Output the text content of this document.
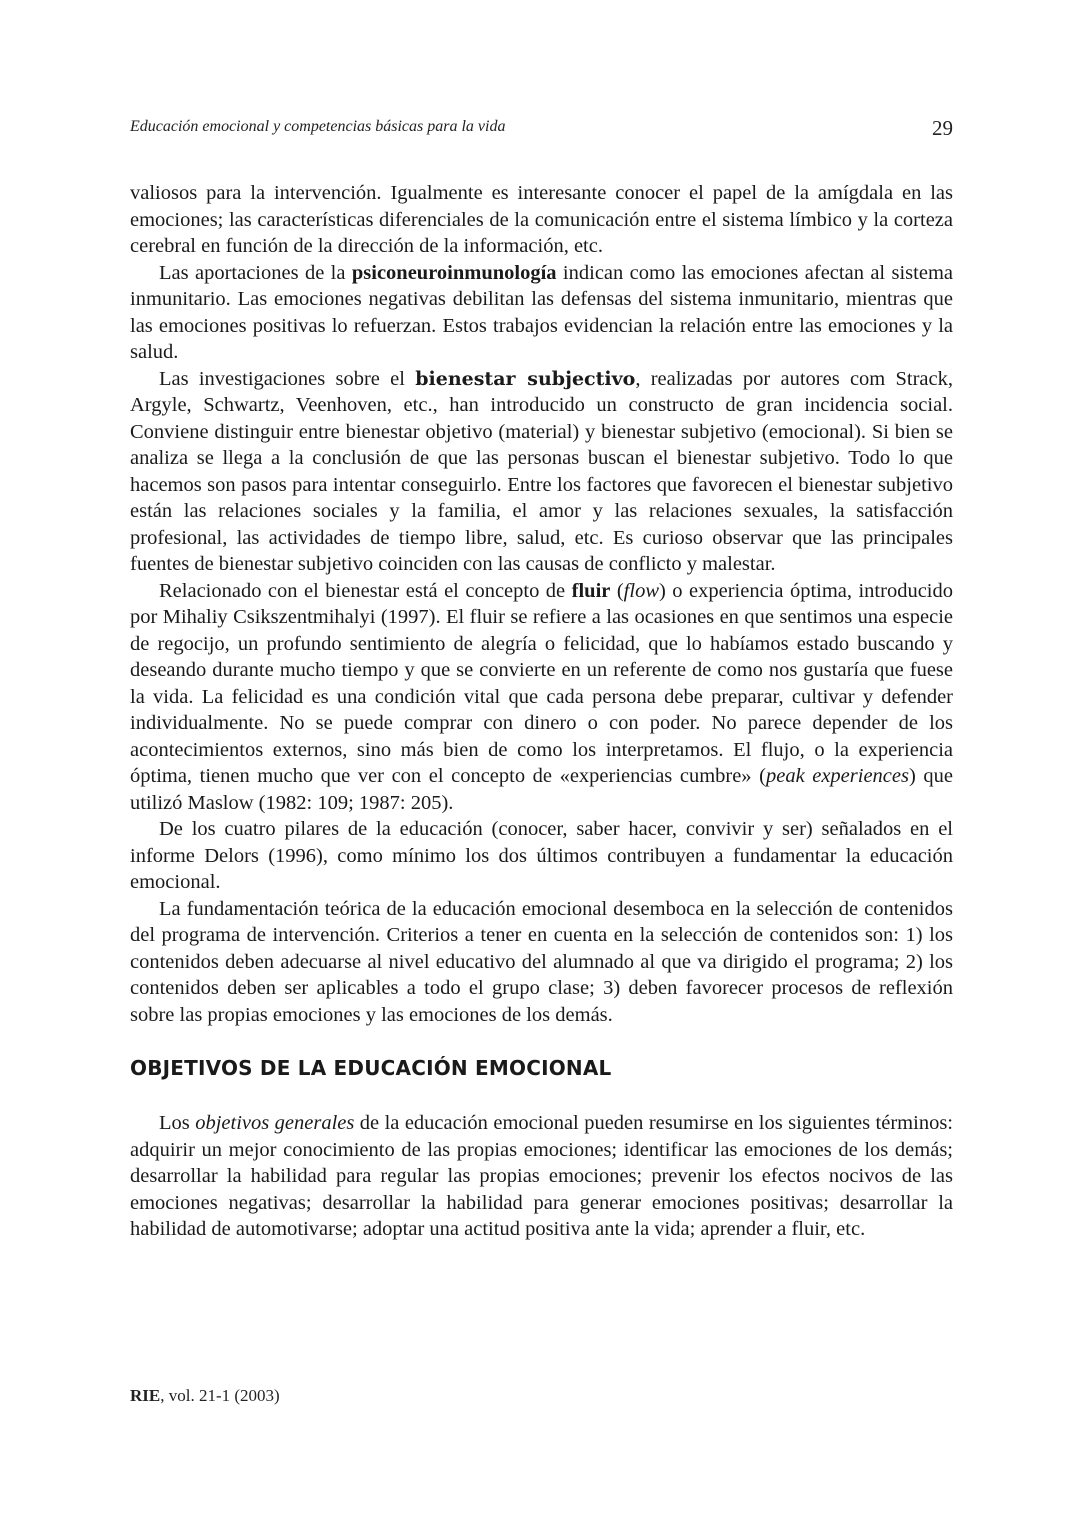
Educación emocional y competencias básicas para la vida	29

valiosos para la intervención. Igualmente es interesante conocer el papel de la amígdala en las emociones; las características diferenciales de la comunicación entre el sistema límbico y la corteza cerebral en función de la dirección de la información, etc.

Las aportaciones de la psiconeuroinmunología indican como las emociones afectan al sistema inmunitario. Las emociones negativas debilitan las defensas del sistema inmunitario, mientras que las emociones positivas lo refuerzan. Estos trabajos evidencian la relación entre las emociones y la salud.

Las investigaciones sobre el bienestar subjectivo, realizadas por autores com Strack, Argyle, Schwartz, Veenhoven, etc., han introducido un constructo de gran incidencia social. Conviene distinguir entre bienestar objetivo (material) y bienestar subjetivo (emocional). Si bien se analiza se llega a la conclusión de que las personas buscan el bienestar subjetivo. Todo lo que hacemos son pasos para intentar conseguirlo. Entre los factores que favorecen el bienestar subjetivo están las relaciones sociales y la familia, el amor y las relaciones sexuales, la satisfacción profesional, las actividades de tiempo libre, salud, etc. Es curioso observar que las principales fuentes de bienestar subjetivo coinciden con las causas de conflicto y malestar.

Relacionado con el bienestar está el concepto de fluir (flow) o experiencia óptima, introducido por Mihaliy Csikszentmihalyi (1997). El fluir se refiere a las ocasiones en que sentimos una especie de regocijo, un profundo sentimiento de alegría o felicidad, que lo habíamos estado buscando y deseando durante mucho tiempo y que se convierte en un referente de como nos gustaría que fuese la vida. La felicidad es una condición vital que cada persona debe preparar, cultivar y defender individualmente. No se puede comprar con dinero o con poder. No parece depender de los acontecimientos externos, sino más bien de como los interpretamos. El flujo, o la experiencia óptima, tienen mucho que ver con el concepto de «experiencias cumbre» (peak experiences) que utilizó Maslow (1982: 109; 1987: 205).

De los cuatro pilares de la educación (conocer, saber hacer, convivir y ser) señalados en el informe Delors (1996), como mínimo los dos últimos contribuyen a fundamentar la educación emocional.

La fundamentación teórica de la educación emocional desemboca en la selección de contenidos del programa de intervención. Criterios a tener en cuenta en la selección de contenidos son: 1) los contenidos deben adecuarse al nivel educativo del alumnado al que va dirigido el programa; 2) los contenidos deben ser aplicables a todo el grupo clase; 3) deben favorecer procesos de reflexión sobre las propias emociones y las emociones de los demás.

OBJETIVOS DE LA EDUCACIÓN EMOCIONAL

Los objetivos generales de la educación emocional pueden resumirse en los siguientes términos: adquirir un mejor conocimiento de las propias emociones; identificar las emociones de los demás; desarrollar la habilidad para regular las propias emociones; prevenir los efectos nocivos de las emociones negativas; desarrollar la habilidad para generar emociones positivas; desarrollar la habilidad de automotivarse; adoptar una actitud positiva ante la vida; aprender a fluir, etc.

RIE, vol. 21-1 (2003)
